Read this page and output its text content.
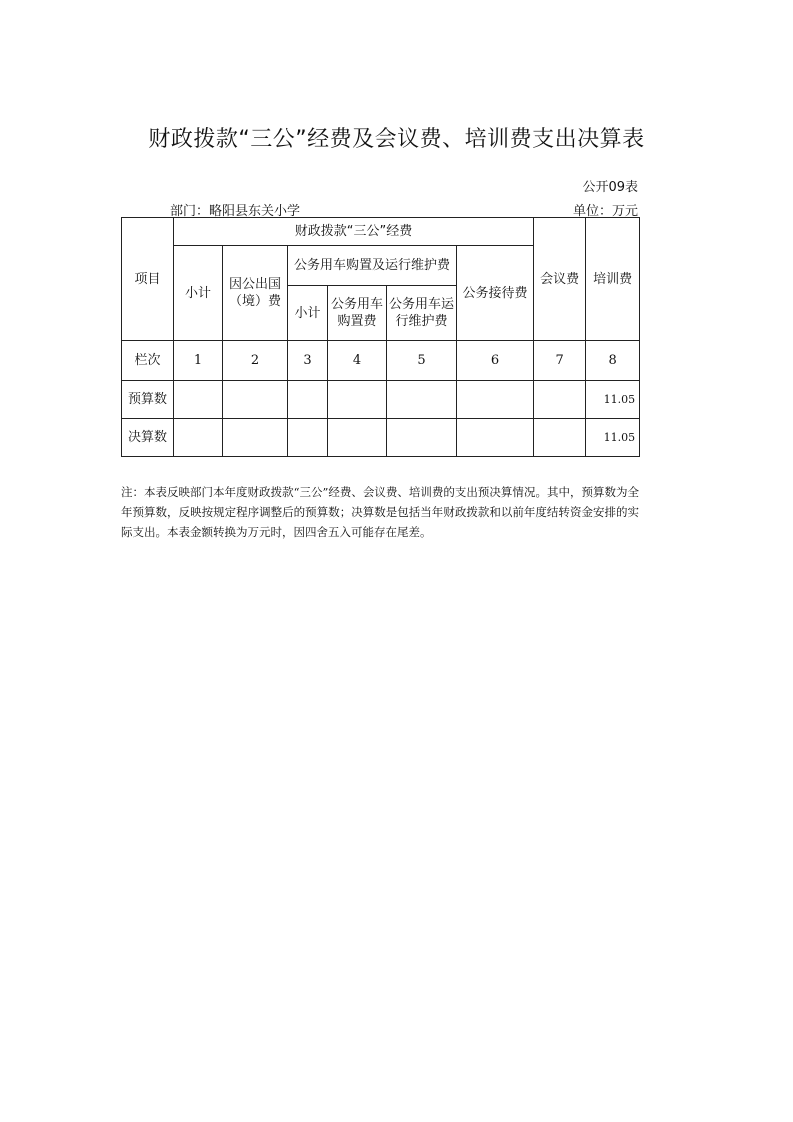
财政拨款“三公”经费及会议费、培训费支出决算表
公开09表
部门：略阳县东关小学	单位：万元
项目	财政拨款“三公”经费						会议费	培训费
	小计	因公出国（境）费	公务用车购置及运行维护费			公务接待费		
			小计	公务用车购置费	公务用车运行维护费			
栏次	1	2	3	4	5	6	7	8
预算数								11.05
决算数								11.05
注：本表反映部门本年度财政拨款“三公”经费、会议费、培训费的支出预决算情况。其中，预算数为全年预算数，反映按规定程序调整后的预算数；决算数是包括当年财政拨款和以前年度结转资金安排的实际支出。本表金额转换为万元时，因四舍五入可能存在尾差。
